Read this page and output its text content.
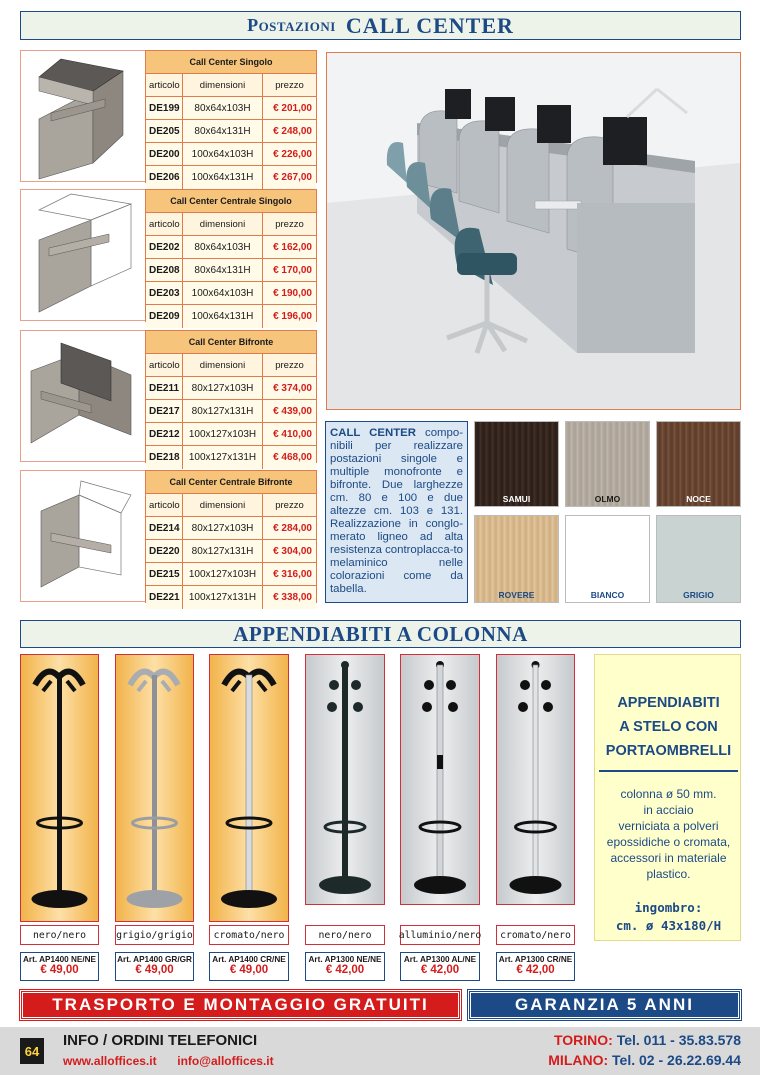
Postazioni CALL CENTER
Call Center Singolo
articolo	dimensioni	prezzo
DE199	80x64x103H	€ 201,00
DE205	80x64x131H	€ 248,00
DE200	100x64x103H	€ 226,00
DE206	100x64x131H	€ 267,00
Call Center Centrale Singolo
articolo	dimensioni	prezzo
DE202	80x64x103H	€ 162,00
DE208	80x64x131H	€ 170,00
DE203	100x64x103H	€ 190,00
DE209	100x64x131H	€ 196,00
Call Center Bifronte
articolo	dimensioni	prezzo
DE211	80x127x103H	€ 374,00
DE217	80x127x131H	€ 439,00
DE212 100x127x103H	€ 410,00
DE218 100x127x131H	€ 468,00
Call Center Centrale Bifronte
articolo	dimensioni	prezzo
DE214	80x127x103H	€ 284,00
DE220	80x127x131H	€ 304,00
DE215 100x127x103H	€ 316,00
DE221 100x127x131H	€ 338,00
CALL CENTER compo-nibili per realizzare postazioni singole e multiple monofronte e bifronte. Due larghezze cm. 80 e 100 e due altezze cm. 103 e 131. Realizzazione in conglo-merato ligneo ad alta resistenza controplacca-to melaminico nelle colorazioni come da tabella.
SAMUI	OLMO	NOCE
ROVERE	BIANCO	GRIGIO
APPENDIABITI A COLONNA
nero/nero	grigio/grigio	cromato/nero	nero/nero	alluminio/nero	cromato/nero
Art. AP1400 NE/NE
€ 49,00
Art. AP1400 GR/GR
€ 49,00
Art. AP1400 CR/NE
€ 49,00
Art. AP1300 NE/NE
€ 42,00
Art. AP1300 AL/NE
€ 42,00
Art. AP1300 CR/NE
€ 42,00
APPENDIABITI
A STELO CON
PORTAOMBRELLI
colonna ø 50 mm.
in acciaio
verniciata a polveri
epossidiche o cromata,
accessori in materiale
plastico.
ingombro:
cm. ø 43x180/H
TRASPORTO E MONTAGGIO GRATUITI	GARANZIA 5 ANNI
64
INFO / ORDINI TELEFONICI
www.alloffices.it info@alloffices.it
TORINO: Tel. 011 - 35.83.578
MILANO: Tel. 02 - 26.22.69.44
